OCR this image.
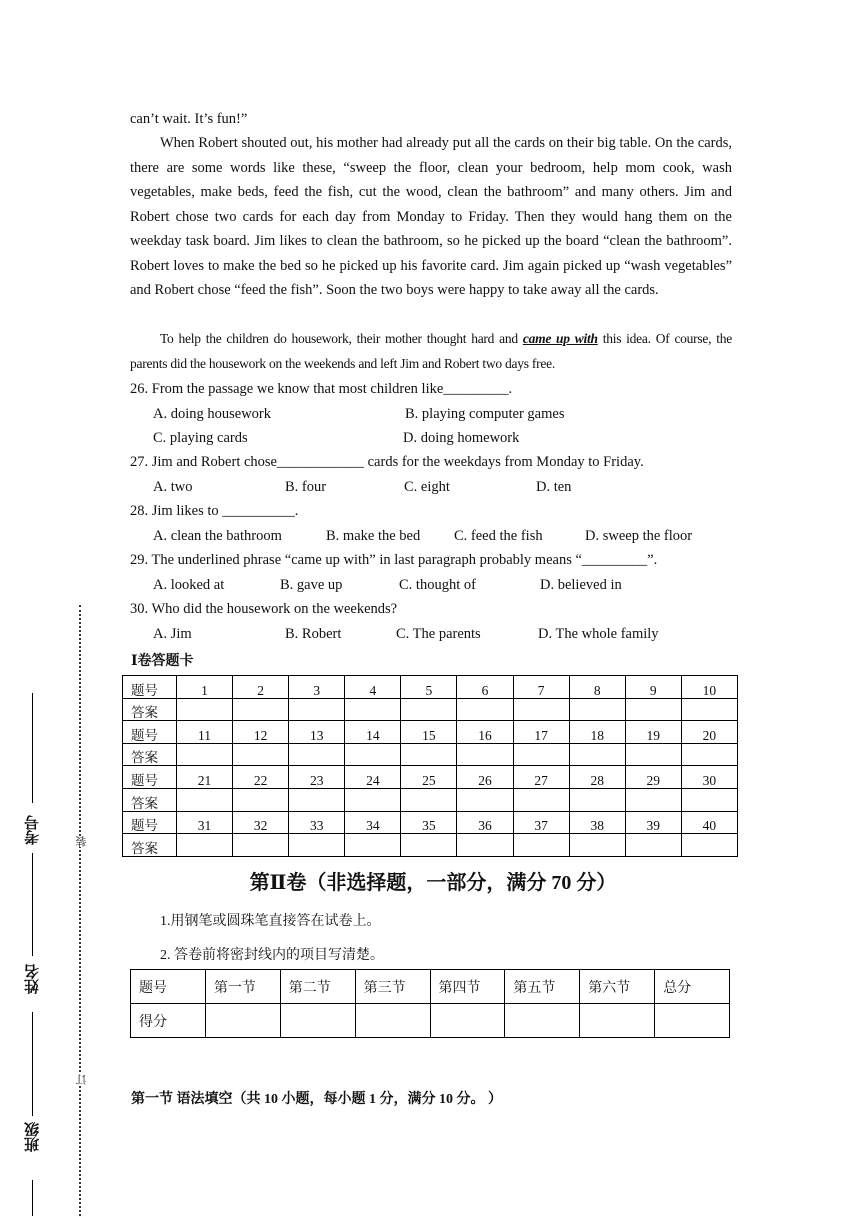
can’t wait. It’s fun!”
When Robert shouted out, his mother had already put all the cards on their big table. On the cards, there are some words like these, “sweep the floor, clean your bedroom, help mom cook, wash vegetables, make beds, feed the fish, cut the wood, clean the bathroom” and many others. Jim and Robert chose two cards for each day from Monday to Friday. Then they would hang them on the weekday task board. Jim likes to clean the bathroom, so he picked up the board “clean the bathroom”. Robert loves to make the bed so he picked up his favorite card. Jim again picked up “wash vegetables” and Robert chose “feed the fish”. Soon the two boys were happy to take away all the cards.
To help the children do housework, their mother thought hard and came up with this idea. Of course, the parents did the housework on the weekends and left Jim and Robert two days free.
26. From the passage we know that most children like_________.
A. doing housework	B. playing computer games
C. playing cards	D. doing homework
27. Jim and Robert chose____________ cards for the weekdays from Monday to Friday.
A. two	B. four	C. eight	D. ten
28. Jim likes to __________.
A. clean the bathroom	B. make the bed C. feed the fish	D. sweep the floor
29. The underlined phrase “came up with” in last paragraph probably means “_________”.
A. looked at	B. gave up	C. thought of	D. believed in
30. Who did the housework on the weekends?
A. Jim	B. Robert	C. The parents	D. The whole family
Ⅰ卷答题卡
题号	1	2	3	4	5	6	7	8	9	10
答案										
题号	11	12	13	14	15	16	17	18	19	20
答案										
题号	21	22	23	24	25	26	27	28	29	30
答案										
题号	31	32	33	34	35	36	37	38	39	40
答案										
第Ⅱ卷（非选择题，一部分，满分 70 分）
1.用钢笔或圆珠笔直接答在试卷上。
2. 答卷前将密封线内的项目写清楚。
题号	第一节	第二节	第三节	第四节	第五节	第六节	总分
得分							
第一节 语法填空（共 10 小题，每小题 1 分，满分 10 分。 ）
装
订
考号
姓名
班级
